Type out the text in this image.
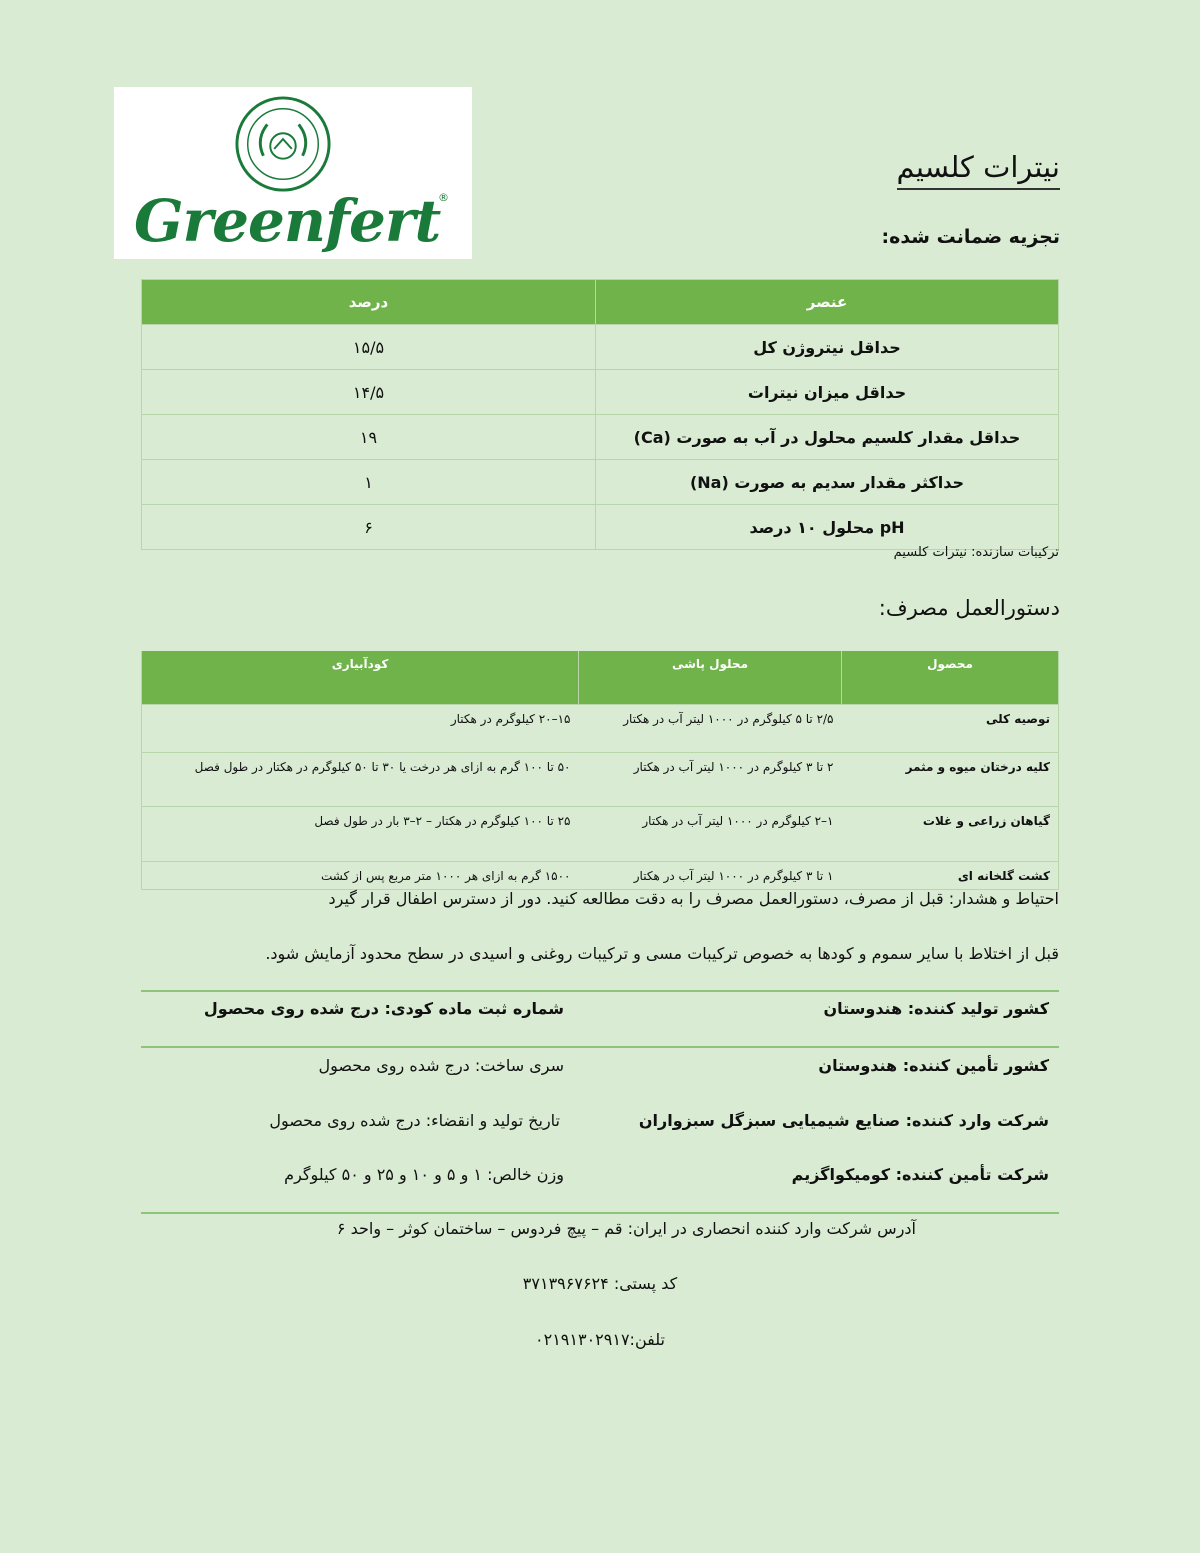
Greenfert
®
نیترات کلسیم
تجزیه ضمانت شده:
عنصر	درصد
حداقل نیتروژن کل	۱۵/۵
حداقل میزان نیترات	۱۴/۵
حداقل مقدار کلسیم محلول در آب به صورت (Ca)	۱۹
حداکثر مقدار سدیم به صورت (Na)	۱
pH محلول ۱۰ درصد	۶
ترکیبات سازنده: نیترات کلسیم
دستورالعمل مصرف:
محصول	محلول پاشی	کودآبیاری
توصیه کلی	۲/۵ تا ۵ کیلوگرم در ۱۰۰۰ لیتر آب در هکتار	۱۵–۲۰ کیلوگرم در هکتار
کلیه درختان میوه و مثمر	۲ تا ۳ کیلوگرم در ۱۰۰۰ لیتر آب در هکتار	۵۰ تا ۱۰۰ گرم به ازای هر درخت یا ۳۰ تا ۵۰ کیلوگرم در هکتار در طول فصل
گیاهان زراعی و غلات	۱–۲ کیلوگرم در ۱۰۰۰ لیتر آب در هکتار	۲۵ تا ۱۰۰ کیلوگرم در هکتار – ۲–۳ بار در طول فصل
کشت گلخانه ای	۱ تا ۳ کیلوگرم در ۱۰۰۰ لیتر آب در هکتار	۱۵۰۰ گرم به ازای هر ۱۰۰۰ متر مربع پس از کشت
احتیاط و هشدار: قبل از مصرف، دستورالعمل مصرف را به دقت مطالعه کنید. دور از دسترس اطفال قرار گیرد
قبل از اختلاط با سایر سموم و کودها به خصوص ترکیبات مسی و ترکیبات روغنی و اسیدی در سطح محدود آزمایش شود.
کشور تولید کننده: هندوستان
شماره ثبت ماده کودی: درج شده روی محصول
کشور تأمین کننده: هندوستان
سری ساخت: درج شده روی محصول
شرکت وارد کننده: صنایع شیمیایی سبزگل سبزواران
تاریخ تولید و انقضاء: درج شده روی محصول
شرکت تأمین کننده: کومیکواگزیم
وزن خالص: ۱ و ۵ و ۱۰ و ۲۵ و ۵۰ کیلوگرم
آدرس شرکت وارد کننده انحصاری در ایران: قم – پیچ فردوس – ساختمان کوثر – واحد ۶
کد پستی: ۳۷۱۳۹۶۷۶۲۴
تلفن:۰۲۱۹۱۳۰۲۹۱۷
